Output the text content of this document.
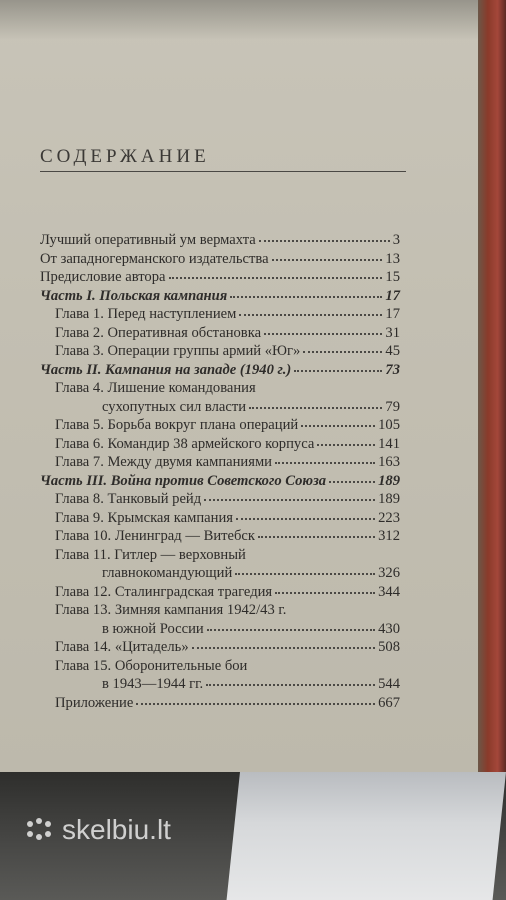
СОДЕРЖАНИЕ
Лучший оперативный ум вермахта	3
От западногерманского издательства	13
Предисловие автора	15
Часть I. Польская кампания	17
Глава 1. Перед наступлением	17
Глава 2. Оперативная обстановка	31
Глава 3. Операции группы армий «Юг»	45
Часть II. Кампания на западе (1940 г.)	73
Глава 4. Лишение командования
сухопутных сил власти	79
Глава 5. Борьба вокруг плана операций	105
Глава 6. Командир 38 армейского корпуса	141
Глава 7. Между двумя кампаниями	163
Часть III. Война против Советского Союза	189
Глава 8. Танковый рейд	189
Глава 9. Крымская кампания	223
Глава 10. Ленинград — Витебск	312
Глава 11. Гитлер — верховный
главнокомандующий	326
Глава 12. Сталинградская трагедия	344
Глава 13. Зимняя кампания 1942/43 г.
в южной России	430
Глава 14. «Цитадель»	508
Глава 15. Оборонительные бои
в 1943—1944 гг.	544
Приложение	667
skelbiu.lt
